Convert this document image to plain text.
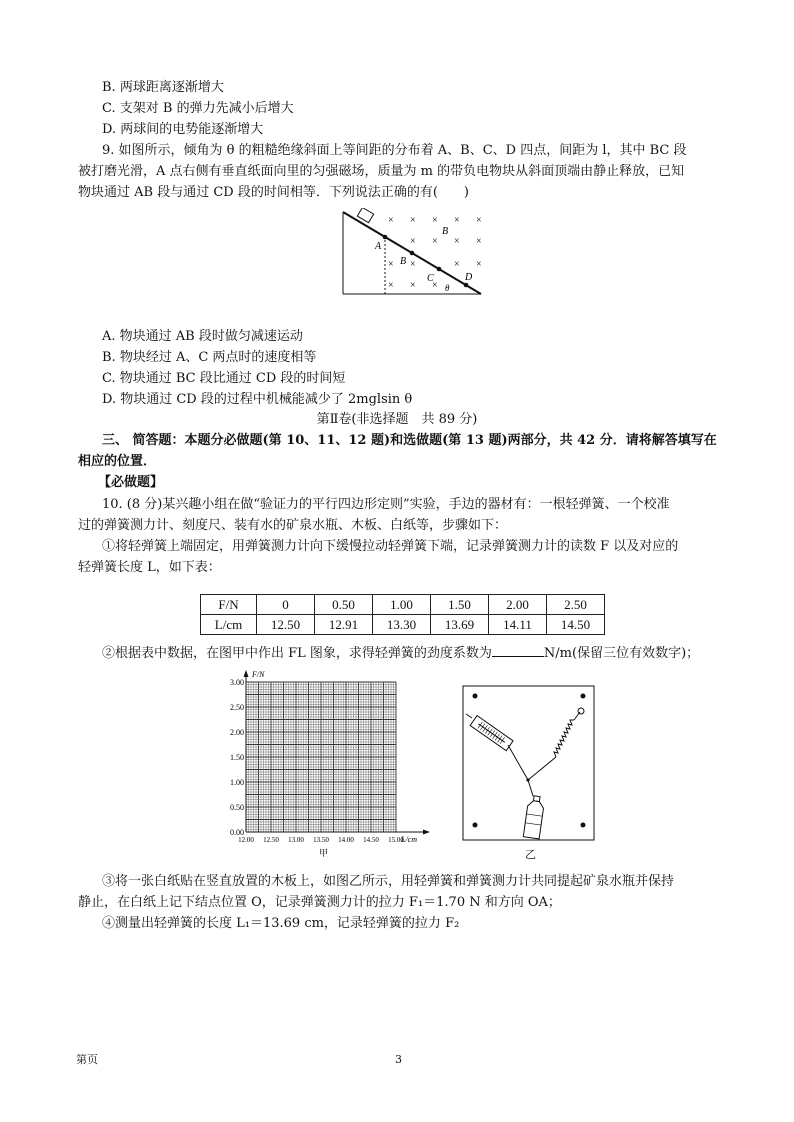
B. 两球距离逐渐增大
C. 支架对 B 的弹力先减小后增大
D. 两球间的电势能逐渐增大
9. 如图所示，倾角为 θ 的粗糙绝缘斜面上等间距的分布着 A、B、C、D 四点，间距为 l，其中 BC 段
被打磨光滑，A 点右侧有垂直纸面向里的匀强磁场，质量为 m 的带负电物块从斜面顶端由静止释放，已知
物块通过 AB 段与通过 CD 段的时间相等．下列说法正确的有(　　)
A
B
C	D
B
θ
× × × × ×
× × × ×
× ×	× ×
× × ×
A. 物块通过 AB 段时做匀减速运动
B. 物块经过 A、C 两点时的速度相等
C. 物块通过 BC 段比通过 CD 段的时间短
D. 物块通过 CD 段的过程中机械能减少了 2mglsin θ
第Ⅱ卷(非选择题　共 89 分)
三、 简答题：本题分必做题(第 10、11、12 题)和选做题(第 13 题)两部分，共 42 分．请将解答填写在
相应的位置．
【必做题】
10. (8 分)某兴趣小组在做“验证力的平行四边形定则”实验，手边的器材有：一根轻弹簧、一个校准
过的弹簧测力计、刻度尺、装有水的矿泉水瓶、木板、白纸等，步骤如下：
①将轻弹簧上端固定，用弹簧测力计向下缓慢拉动轻弹簧下端，记录弹簧测力计的读数 F 以及对应的
轻弹簧长度 L，如下表：
F/N	0	0.50	1.00	1.50	2.00	2.50
L/cm	12.50	12.91	13.30	13.69	14.11	14.50
②根据表中数据，在图甲中作出 FL 图象，求得轻弹簧的劲度系数为	N/m(保留三位有效数字)；
F/N
L/cm
3.00
2.50
2.00
1.50
1.00
0.50
0.00
12.00 12.50 13.00 13.50 14.00 14.50 15.00
甲	乙
③将一张白纸贴在竖直放置的木板上，如图乙所示，用轻弹簧和弹簧测力计共同提起矿泉水瓶并保持
静止，在白纸上记下结点位置 O，记录弹簧测力计的拉力 F₁＝1.70 N 和方向 OA；
④测量出轻弹簧的长度 L₁＝13.69 cm，记录轻弹簧的拉力 F₂
第页	3
